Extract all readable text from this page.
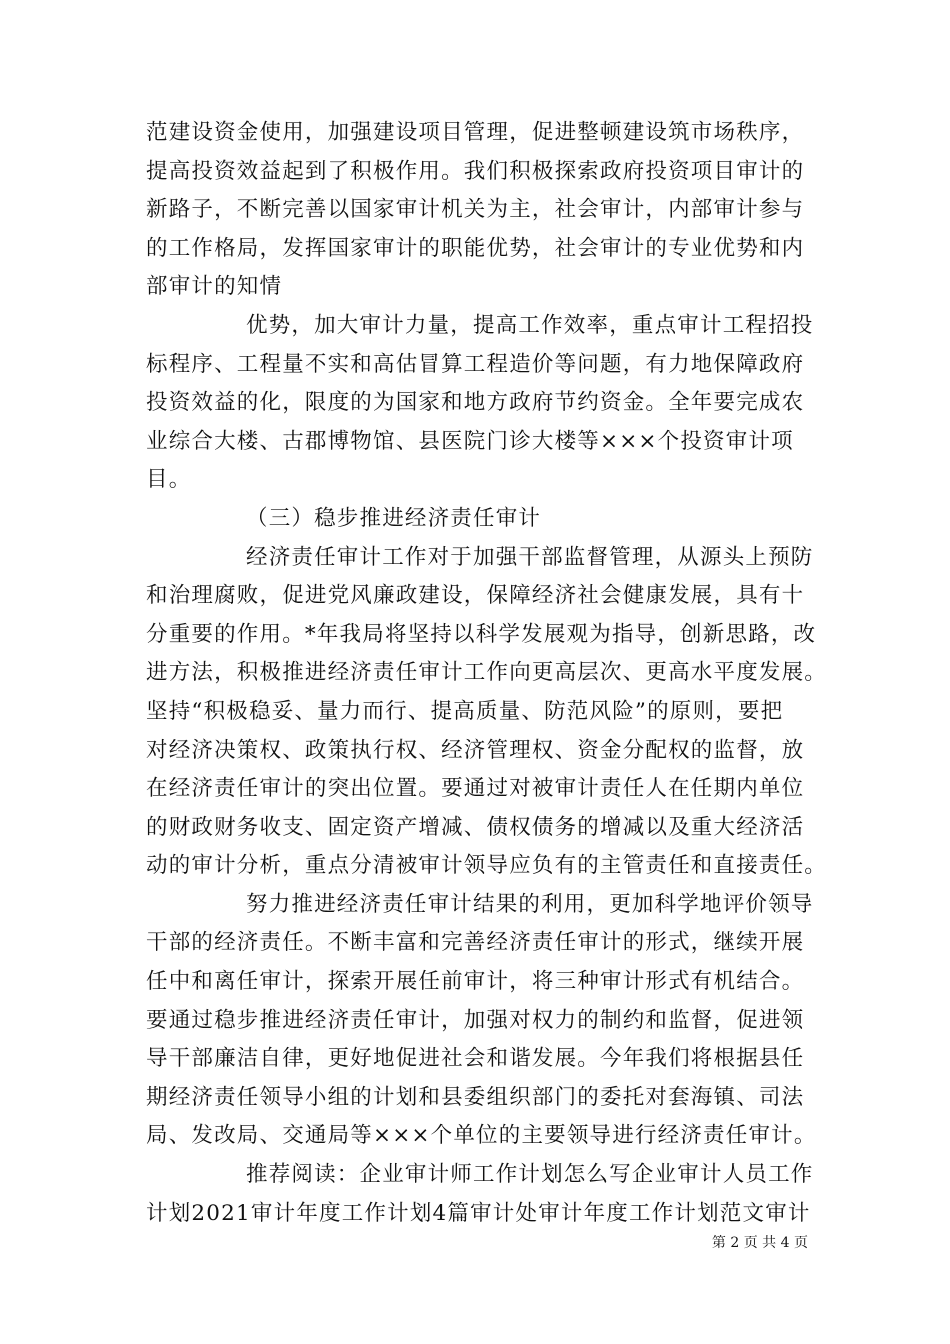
范建设资金使用，加强建设项目管理，促进整顿建设筑市场秩序，
提高投资效益起到了积极作用。我们积极探索政府投资项目审计的
新路子，不断完善以国家审计机关为主，社会审计，内部审计参与
的工作格局，发挥国家审计的职能优势，社会审计的专业优势和内
部审计的知情
优势，加大审计力量，提高工作效率，重点审计工程招投
标程序、工程量不实和高估冒算工程造价等问题，有力地保障政府
投资效益的化，限度的为国家和地方政府节约资金。全年要完成农
业综合大楼、古郡博物馆、县医院门诊大楼等×××个投资审计项
目。
（三）稳步推进经济责任审计
经济责任审计工作对于加强干部监督管理，从源头上预防
和治理腐败，促进党风廉政建设，保障经济社会健康发展，具有十
分重要的作用。*年我局将坚持以科学发展观为指导，创新思路，改
进方法，积极推进经济责任审计工作向更高层次、更高水平度发展。
坚持“积极稳妥、量力而行、提高质量、防范风险”的原则，要把
对经济决策权、政策执行权、经济管理权、资金分配权的监督，放
在经济责任审计的突出位置。要通过对被审计责任人在任期内单位
的财政财务收支、固定资产增减、债权债务的增减以及重大经济活
动的审计分析，重点分清被审计领导应负有的主管责任和直接责任。
努力推进经济责任审计结果的利用，更加科学地评价领导
干部的经济责任。不断丰富和完善经济责任审计的形式，继续开展
任中和离任审计，探索开展任前审计，将三种审计形式有机结合。
要通过稳步推进经济责任审计，加强对权力的制约和监督，促进领
导干部廉洁自律，更好地促进社会和谐发展。今年我们将根据县任
期经济责任领导小组的计划和县委组织部门的委托对套海镇、司法
局、发改局、交通局等×××个单位的主要领导进行经济责任审计。
推荐阅读：企业审计师工作计划怎么写企业审计人员工作
计划2021审计年度工作计划4篇审计处审计年度工作计划范文审计
第 2 页 共 4 页
